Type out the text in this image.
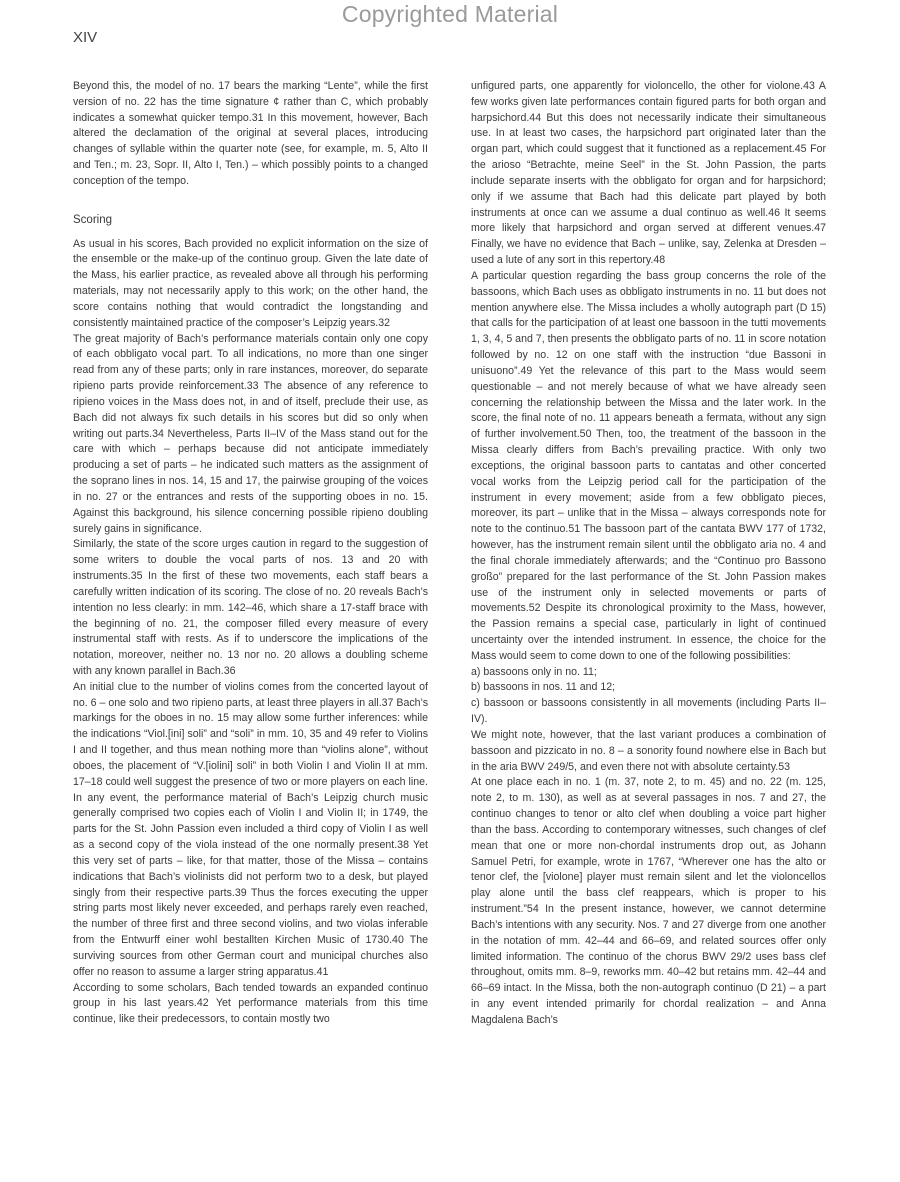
Copyrighted Material
XIV

Beyond this, the model of no. 17 bears the marking “Lente”, while the first version of no. 22 has the time signature ¢ rather than C, which probably indicates a somewhat quicker tempo.31 In this movement, however, Bach altered the declamation of the original at several places, introducing changes of syllable within the quarter note (see, for example, m. 5, Alto II and Ten.; m. 23, Sopr. II, Alto I, Ten.) – which possibly points to a changed conception of the tempo.

Scoring

As usual in his scores, Bach provided no explicit information on the size of the ensemble or the make-up of the continuo group. Given the late date of the Mass, his earlier practice, as revealed above all through his performing materials, may not necessarily apply to this work; on the other hand, the score contains nothing that would contradict the longstanding and consistently maintained practice of the composer’s Leipzig years.32

The great majority of Bach’s performance materials contain only one copy of each obbligato vocal part. To all indications, no more than one singer read from any of these parts; only in rare instances, moreover, do separate ripieno parts provide reinforcement.33 The absence of any reference to ripieno voices in the Mass does not, in and of itself, preclude their use, as Bach did not always fix such details in his scores but did so only when writing out parts.34 Nevertheless, Parts II–IV of the Mass stand out for the care with which – perhaps because did not anticipate immediately producing a set of parts – he indicated such matters as the assignment of the soprano lines in nos. 14, 15 and 17, the pairwise grouping of the voices in no. 27 or the entrances and rests of the supporting oboes in no. 15. Against this background, his silence concerning possible ripieno doubling surely gains in significance.

Similarly, the state of the score urges caution in regard to the suggestion of some writers to double the vocal parts of nos. 13 and 20 with instruments.35 In the first of these two movements, each staff bears a carefully written indication of its scoring. The close of no. 20 reveals Bach’s intention no less clearly: in mm. 142–46, which share a 17-staff brace with the beginning of no. 21, the composer filled every measure of every instrumental staff with rests. As if to underscore the implications of the notation, moreover, neither no. 13 nor no. 20 allows a doubling scheme with any known parallel in Bach.36

An initial clue to the number of violins comes from the concerted layout of no. 6 – one solo and two ripieno parts, at least three players in all.37 Bach’s markings for the oboes in no. 15 may allow some further inferences: while the indications “Viol.[ini] soli” and “soli” in mm. 10, 35 and 49 refer to Violins I and II together, and thus mean nothing more than “violins alone”, without oboes, the placement of “V.[iolini] soli” in both Violin I and Violin II at mm. 17–18 could well suggest the presence of two or more players on each line. In any event, the performance material of Bach’s Leipzig church music generally comprised two copies each of Violin I and Violin II; in 1749, the parts for the St. John Passion even included a third copy of Violin I as well as a second copy of the viola instead of the one normally present.38 Yet this very set of parts – like, for that matter, those of the Missa – contains indications that Bach’s violinists did not perform two to a desk, but played singly from their respective parts.39 Thus the forces executing the upper string parts most likely never exceeded, and perhaps rarely even reached, the number of three first and three second violins, and two violas inferable from the Entwurff einer wohl bestallten Kirchen Music of 1730.40 The surviving sources from other German court and municipal churches also offer no reason to assume a larger string apparatus.41

According to some scholars, Bach tended towards an expanded continuo group in his last years.42 Yet performance materials from this time continue, like their predecessors, to contain mostly two

unfigured parts, one apparently for violoncello, the other for violone.43 A few works given late performances contain figured parts for both organ and harpsichord.44 But this does not necessarily indicate their simultaneous use. In at least two cases, the harpsichord part originated later than the organ part, which could suggest that it functioned as a replacement.45 For the arioso “Betrachte, meine Seel” in the St. John Passion, the parts include separate inserts with the obbligato for organ and for harpsichord; only if we assume that Bach had this delicate part played by both instruments at once can we assume a dual continuo as well.46 It seems more likely that harpsichord and organ served at different venues.47 Finally, we have no evidence that Bach – unlike, say, Zelenka at Dresden – used a lute of any sort in this repertory.48

A particular question regarding the bass group concerns the role of the bassoons, which Bach uses as obbligato instruments in no. 11 but does not mention anywhere else. The Missa includes a wholly autograph part (D 15) that calls for the participation of at least one bassoon in the tutti movements 1, 3, 4, 5 and 7, then presents the obbligato parts of no. 11 in score notation followed by no. 12 on one staff with the instruction “due Bassoni in unisuono”.49 Yet the relevance of this part to the Mass would seem questionable – and not merely because of what we have already seen concerning the relationship between the Missa and the later work. In the score, the final note of no. 11 appears beneath a fermata, without any sign of further involvement.50 Then, too, the treatment of the bassoon in the Missa clearly differs from Bach’s prevailing practice. With only two exceptions, the original bassoon parts to cantatas and other concerted vocal works from the Leipzig period call for the participation of the instrument in every movement; aside from a few obbligato pieces, moreover, its part – unlike that in the Missa – always corresponds note for note to the continuo.51 The bassoon part of the cantata BWV 177 of 1732, however, has the instrument remain silent until the obbligato aria no. 4 and the final chorale immediately afterwards; and the “Continuo pro Bassono großo” prepared for the last performance of the St. John Passion makes use of the instrument only in selected movements or parts of movements.52 Despite its chronological proximity to the Mass, however, the Passion remains a special case, particularly in light of continued uncertainty over the intended instrument. In essence, the choice for the Mass would seem to come down to one of the following possibilities:

a) bassoons only in no. 11;

b) bassoons in nos. 11 and 12;

c) bassoon or bassoons consistently in all movements (including Parts II–IV).

We might note, however, that the last variant produces a combination of bassoon and pizzicato in no. 8 – a sonority found nowhere else in Bach but in the aria BWV 249/5, and even there not with absolute certainty.53

At one place each in no. 1 (m. 37, note 2, to m. 45) and no. 22 (m. 125, note 2, to m. 130), as well as at several passages in nos. 7 and 27, the continuo changes to tenor or alto clef when doubling a voice part higher than the bass. According to contemporary witnesses, such changes of clef mean that one or more non-chordal instruments drop out, as Johann Samuel Petri, for example, wrote in 1767, “Wherever one has the alto or tenor clef, the [violone] player must remain silent and let the violoncellos play alone until the bass clef reappears, which is proper to his instrument.”54 In the present instance, however, we cannot determine Bach’s intentions with any security. Nos. 7 and 27 diverge from one another in the notation of mm. 42–44 and 66–69, and related sources offer only limited information. The continuo of the chorus BWV 29/2 uses bass clef throughout, omits mm. 8–9, reworks mm. 40–42 but retains mm. 42–44 and 66–69 intact. In the Missa, both the non-autograph continuo (D 21) – a part in any event intended primarily for chordal realization – and Anna Magdalena Bach’s
